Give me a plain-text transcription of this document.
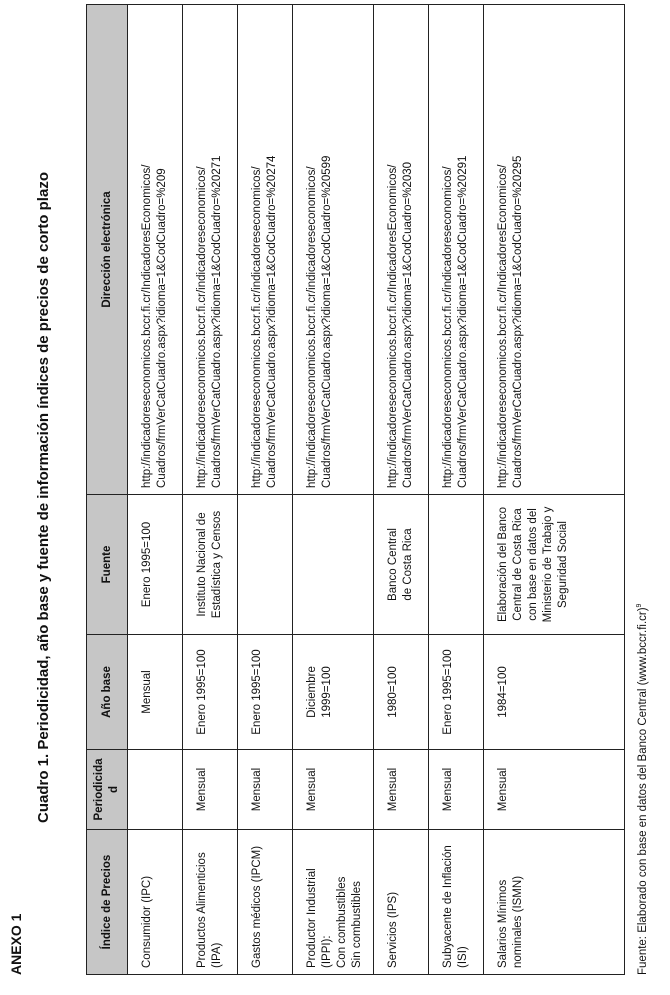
ANEXO 1
Cuadro 1. Periodicidad, año base y fuente de información índices de precios de corto plazo
Índice de Precios	Periodicidad	Año base	Fuente	Dirección electrónica

Consumidor (IPC)		Mensual	Enero 1995=100	http://indicadoreseconomicos.bccr.fi.cr/IndicadoresEconomicos/ Cuadros/frmVerCatCuadro.aspx?idioma=1&CodCuadro=%209

Productos Alimenticios (IPA)	Mensual	Enero 1995=100	Instituto Nacional de Estadística y Censos	http://indicadoreseconomicos.bccr.fi.cr/indicadoreseconomicos/ Cuadros/frmVerCatCuadro.aspx?idioma=1&CodCuadro=%20271

Gastos médicos (IPCM)	Mensual	Enero 1995=100		http://indicadoreseconomicos.bccr.fi.cr/indicadoreseconomicos/ Cuadros/frmVerCatCuadro.aspx?idioma=1&CodCuadro=%20274

Productor Industrial (IPPI): Con combustibles Sin combustibles	Mensual	Diciembre 1999=100		http://indicadoreseconomicos.bccr.fi.cr/indicadoreseconomicos/ Cuadros/frmVerCatCuadro.aspx?idioma=1&CodCuadro=%20599

Servicios (IPS)	Mensual	1980=100	Banco Central de Costa Rica	http://indicadoreseconomicos.bccr.fi.cr/IndicadoresEconomicos/ Cuadros/frmVerCatCuadro.aspx?idioma=1&CodCuadro=%2030

Subyacente de Inflación (ISI)	Mensual	Enero 1995=100		http://indicadoreseconomicos.bccr.fi.cr/indicadoreseconomicos/ Cuadros/frmVerCatCuadro.aspx?idioma=1&CodCuadro=%20291

Salarios Mínimos nominales (ISMN)	Mensual	1984=100	Elaboración del Banco Central de Costa Rica con base en datos del Ministerio de Trabajo y Seguridad Social	http://indicadoreseconomicos.bccr.fi.cr/IndicadoresEconomicos/ Cuadros/frmVerCatCuadro.aspx?idioma=1&CodCuadro=%20295
Fuente: Elaborado con base en datos del Banco Central (www.bccr.fi.cr)$^9$
